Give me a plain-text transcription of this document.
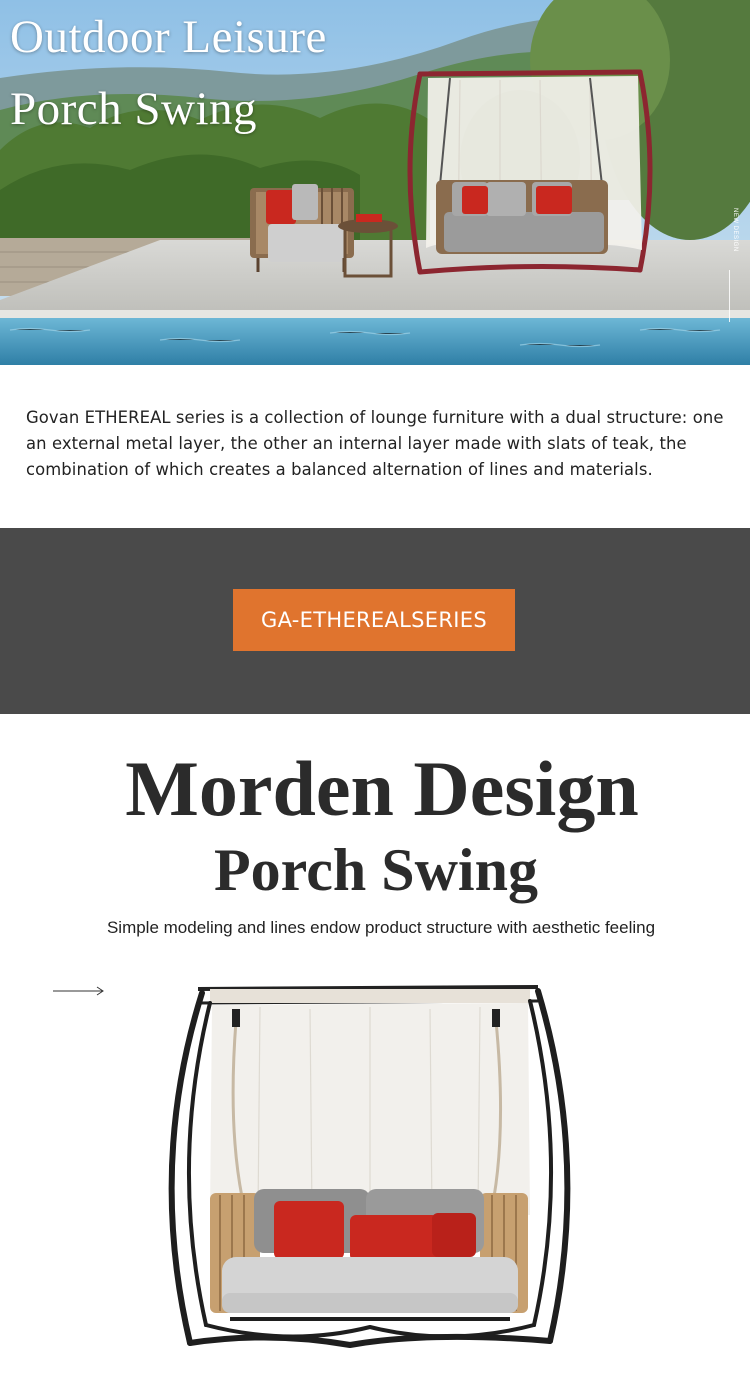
Outdoor Leisure
Porch Swing
NEW DESIGN

Govan ETHEREAL series is a collection of lounge furniture with a dual structure: one an external metal layer, the other an internal layer made with slats of teak, the combination of which creates a balanced alternation of lines and materials.

GA-ETHEREALSERIES
Morden Design
Porch Swing

Simple modeling and lines endow product structure with aesthetic feeling
